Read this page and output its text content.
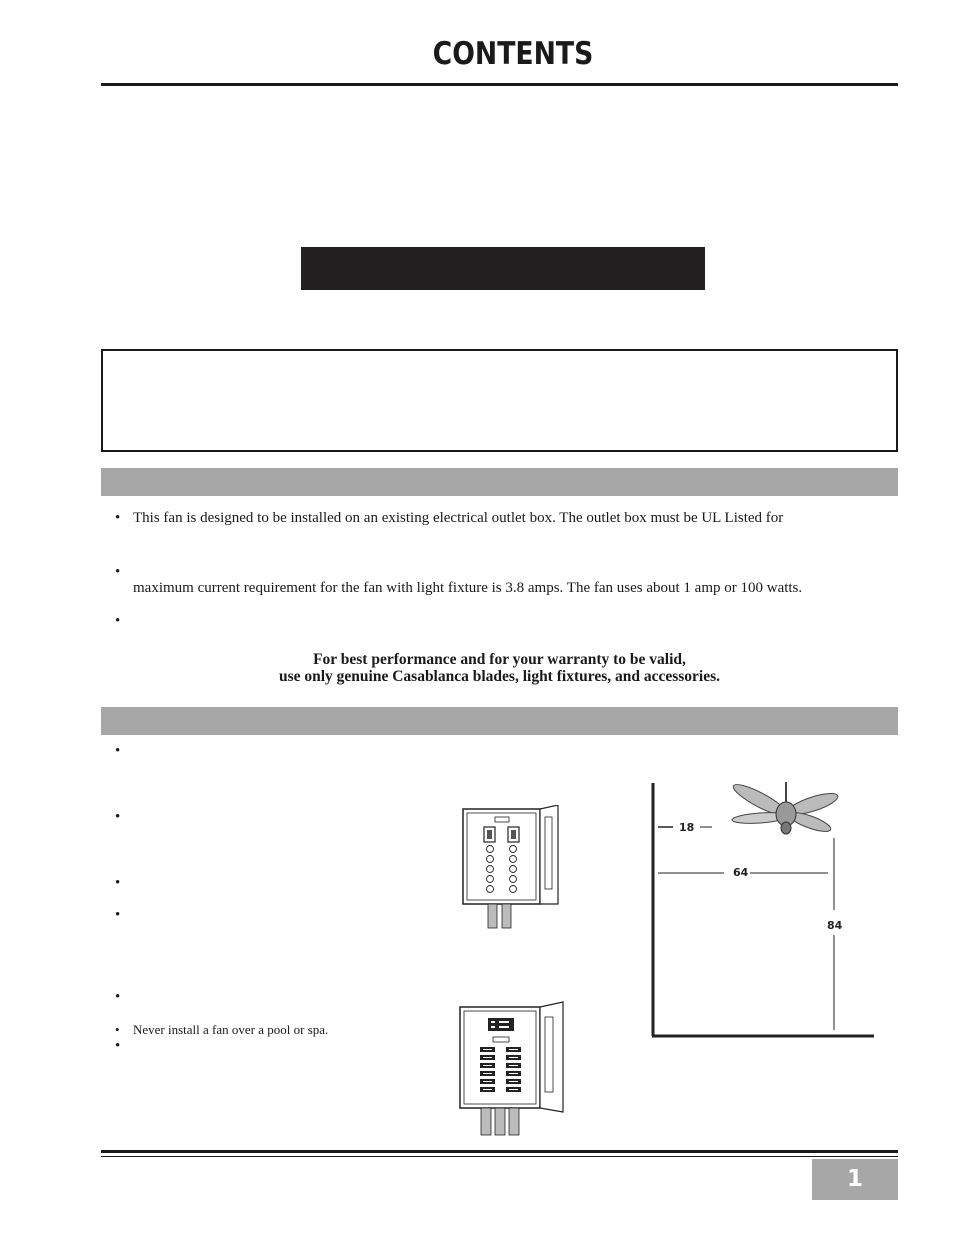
CONTENTS
• This fan is designed to be installed on an existing electrical outlet box. The outlet box must be UL Listed for
•
maximum current requirement for the fan with light fixture is 3.8 amps. The fan uses about 1 amp or 100 watts.
•
For best performance and for your warranty to be valid,
use only genuine Casablanca blades, light fixtures, and accessories.
•
•
•
•
•
• Never install a fan over a pool or spa.
•
18
64
84
1
